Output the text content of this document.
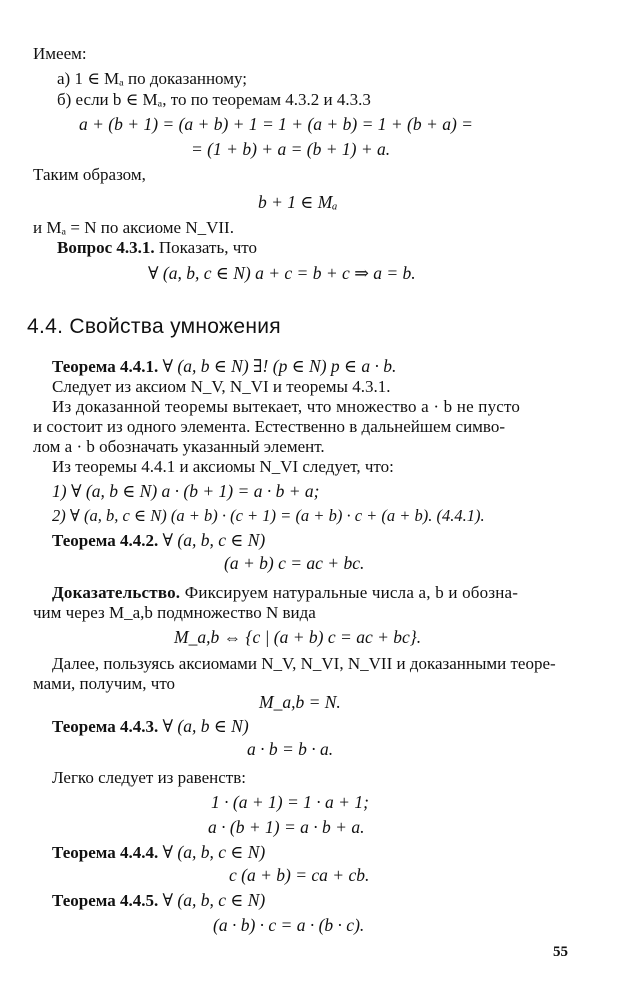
Имеем:
а) 1 ∈ Mₐ по доказанному;
б) если b ∈ Mₐ, то по теоремам 4.3.2 и 4.3.3
a + (b + 1) = (a + b) + 1 = 1 + (a + b) = 1 + (b + a) =
= (1 + b) + a = (b + 1) + a.
Таким образом,
b + 1 ∈ Mₐ
и Mₐ = N по аксиоме N_VII.
Вопрос 4.3.1. Показать, что
∀ (a, b, c ∈ N) a + c = b + c ⇒ a = b.
4.4. Свойства умножения
Теорема 4.4.1. ∀ (a, b ∈ N) ∃! (p ∈ N) p ∈ a · b.
Следует из аксиом N_V, N_VI и теоремы 4.3.1.
Из доказанной теоремы вытекает, что множество a · b не пусто
и состоит из одного элемента. Естественно в дальнейшем симво-
лом a · b обозначать указанный элемент.
Из теоремы 4.4.1 и аксиомы N_VI следует, что:
1) ∀ (a, b ∈ N) a · (b + 1) = a · b + a;
2) ∀ (a, b, c ∈ N) (a + b) · (c + 1) = (a + b) · c + (a + b). (4.4.1).
Теорема 4.4.2. ∀ (a, b, c ∈ N)
(a + b) c = ac + bc.
Доказательство. Фиксируем натуральные числа a, b и обозна-
чим через M_a,b подмножество N вида
M_a,b ⇔ {c | (a + b) c = ac + bc}.
Далее, пользуясь аксиомами N_V, N_VI, N_VII и доказанными теоре-
мами, получим, что
M_a,b = N.
Теорема 4.4.3. ∀ (a, b ∈ N)
a · b = b · a.
Легко следует из равенств:
1 · (a + 1) = 1 · a + 1;
a · (b + 1) = a · b + a.
Теорема 4.4.4. ∀ (a, b, c ∈ N)
c (a + b) = ca + cb.
Теорема 4.4.5. ∀ (a, b, c ∈ N)
(a · b) · c = a · (b · c).
55
